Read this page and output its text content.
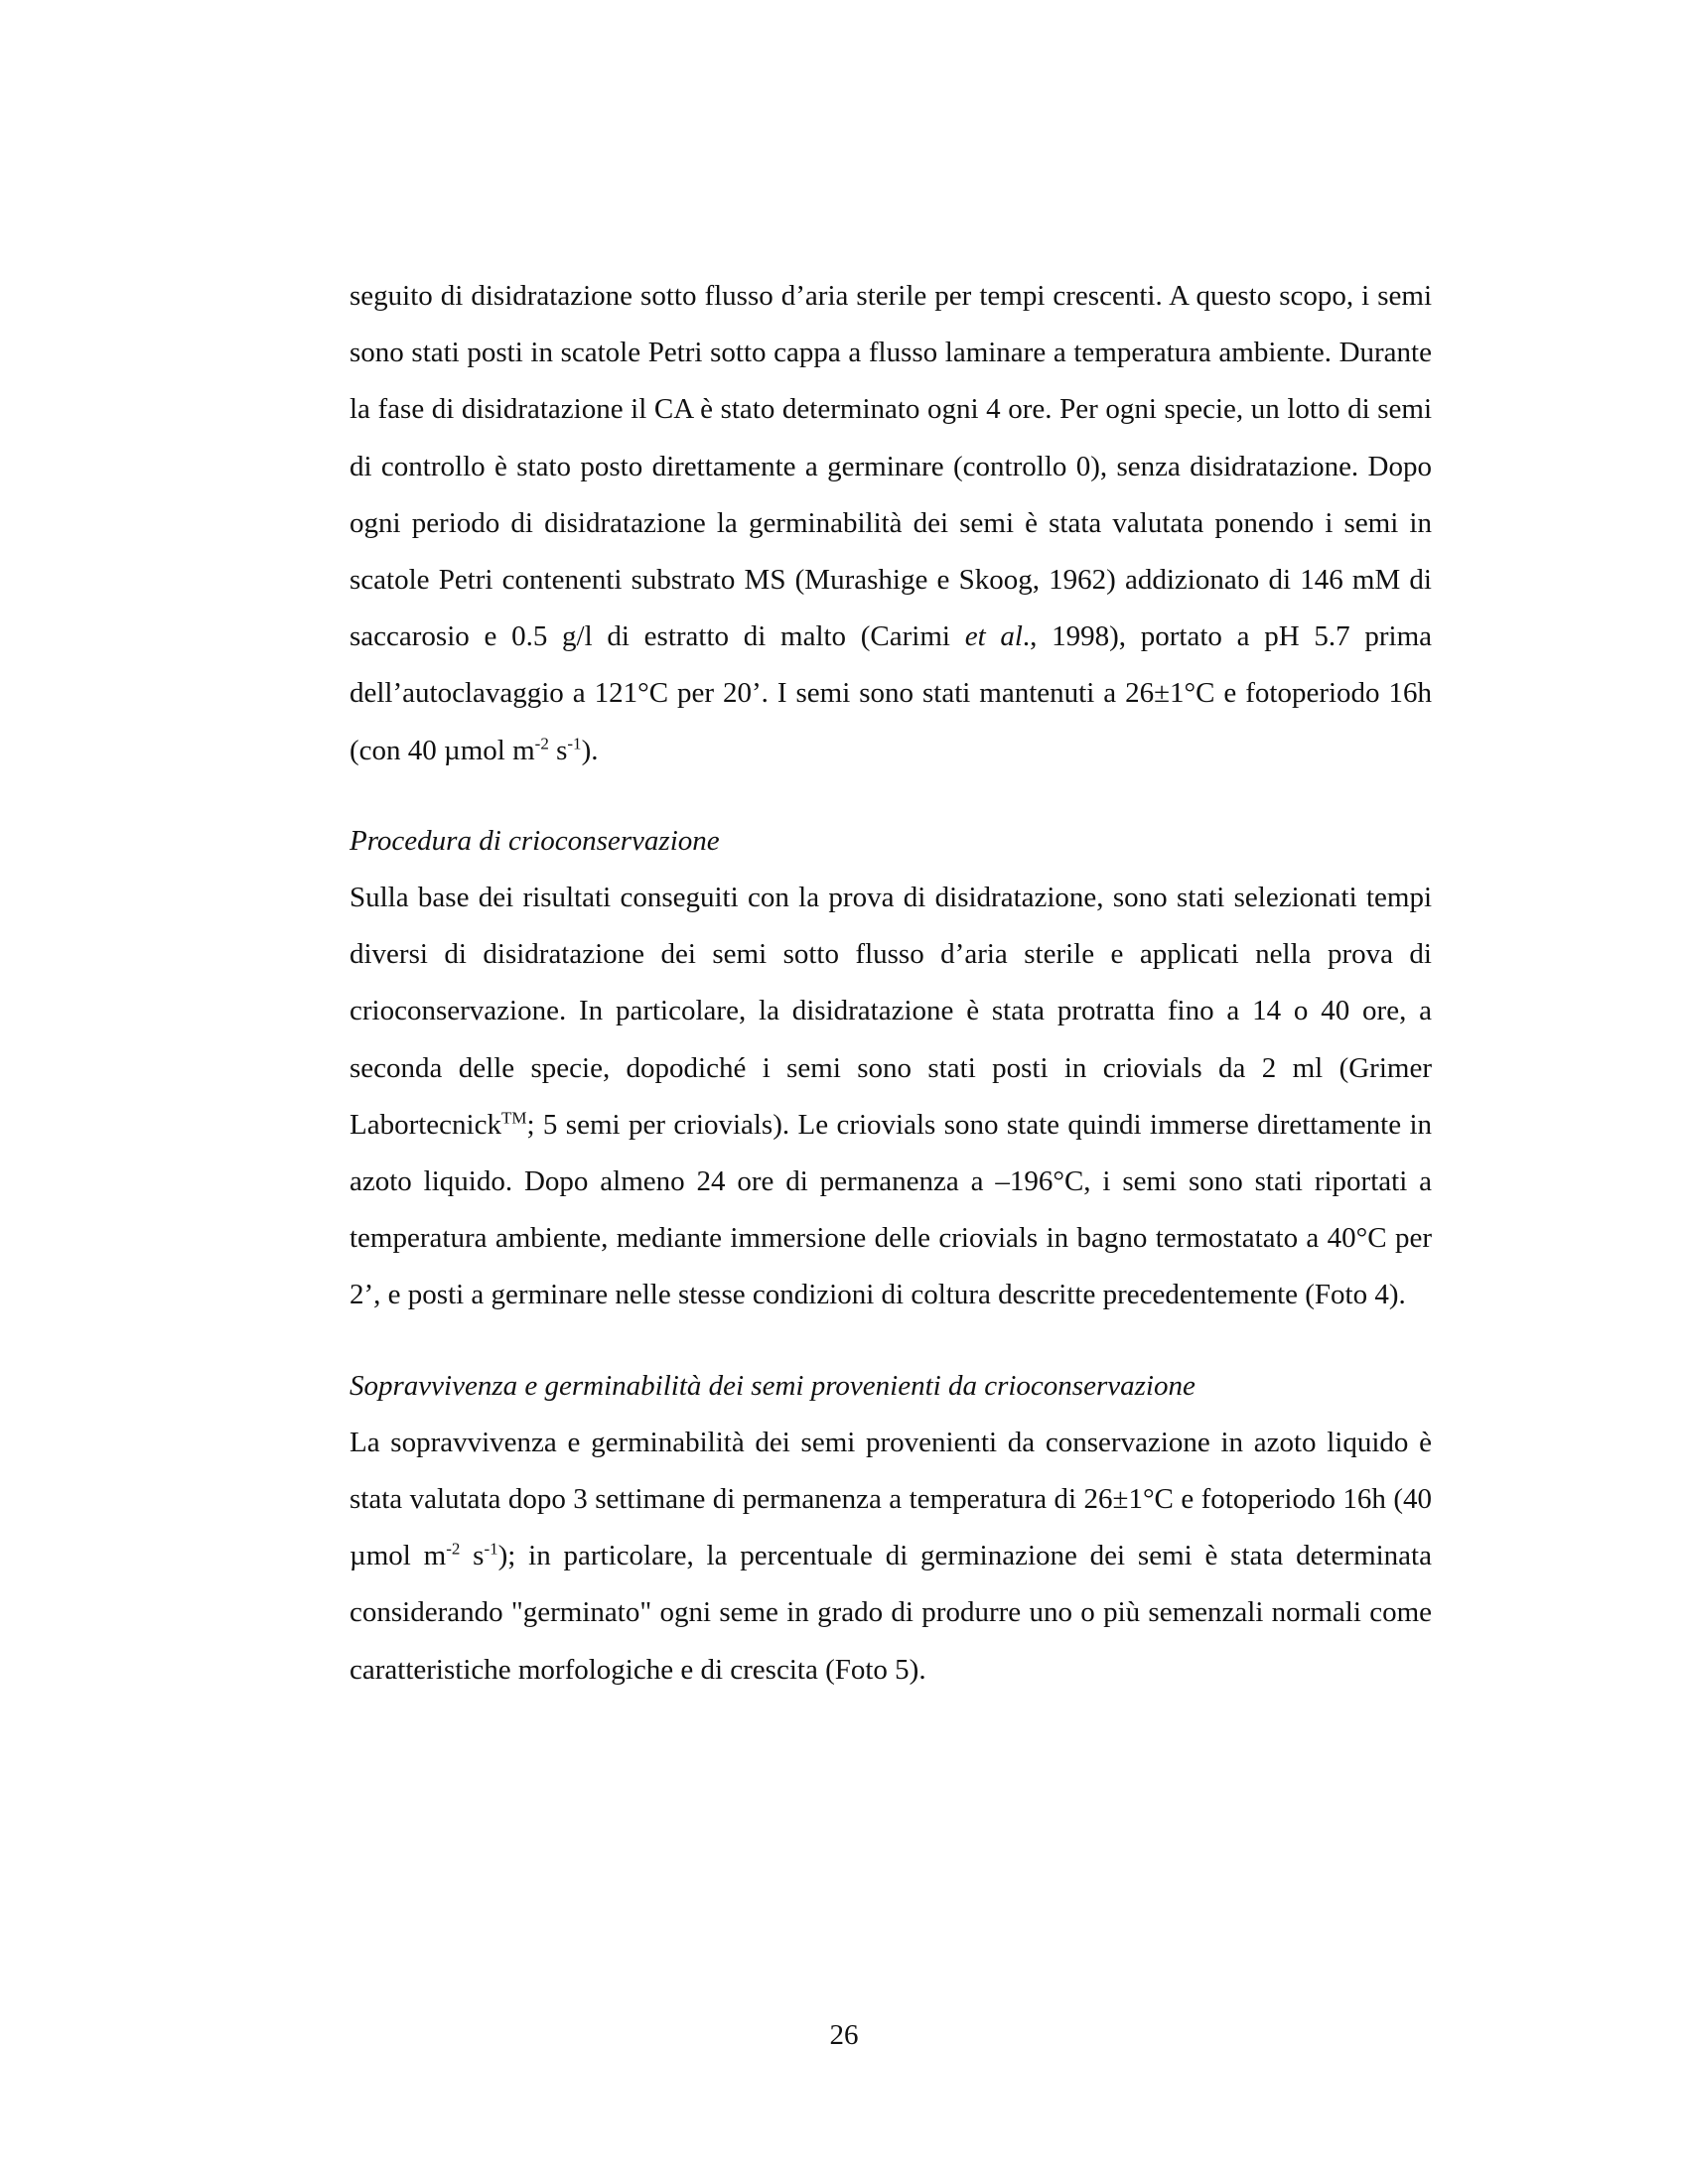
seguito di disidratazione sotto flusso d’aria sterile per tempi crescenti. A questo scopo, i semi sono stati posti in scatole Petri sotto cappa a flusso laminare a temperatura ambiente. Durante la fase di disidratazione il CA è stato determinato ogni 4 ore. Per ogni specie, un lotto di semi di controllo è stato posto direttamente a germinare (controllo 0), senza disidratazione. Dopo ogni periodo di disidratazione la germinabilità dei semi è stata valutata ponendo i semi in scatole Petri contenenti substrato MS (Murashige e Skoog, 1962) addizionato di 146 mM di saccarosio e 0.5 g/l di estratto di malto (Carimi et al., 1998), portato a pH 5.7 prima dell’autoclavaggio a 121°C per 20’. I semi sono stati mantenuti a 26±1°C e fotoperiodo 16h (con 40 µmol $m^{-2}$ $s^{-1}$).

Procedura di crioconservazione

Sulla base dei risultati conseguiti con la prova di disidratazione, sono stati selezionati tempi diversi di disidratazione dei semi sotto flusso d’aria sterile e applicati nella prova di crioconservazione. In particolare, la disidratazione è stata protratta fino a 14 o 40 ore, a seconda delle specie, dopodiché i semi sono stati posti in criovials da 2 ml (Grimer Labortecnick™; 5 semi per criovials). Le criovials sono state quindi immerse direttamente in azoto liquido. Dopo almeno 24 ore di permanenza a –196°C, i semi sono stati riportati a temperatura ambiente, mediante immersione delle criovials in bagno termostatato a 40°C per 2’, e posti a germinare nelle stesse condizioni di coltura descritte precedentemente (Foto 4).

Sopravvivenza e germinabilità dei semi provenienti da crioconservazione

La sopravvivenza e germinabilità dei semi provenienti da conservazione in azoto liquido è stata valutata dopo 3 settimane di permanenza a temperatura di 26±1°C e fotoperiodo 16h (40 µmol $m^{-2}$ $s^{-1}$); in particolare, la percentuale di germinazione dei semi è stata determinata considerando "germinato" ogni seme in grado di produrre uno o più semenzali normali come caratteristiche morfologiche e di crescita (Foto 5).

26
